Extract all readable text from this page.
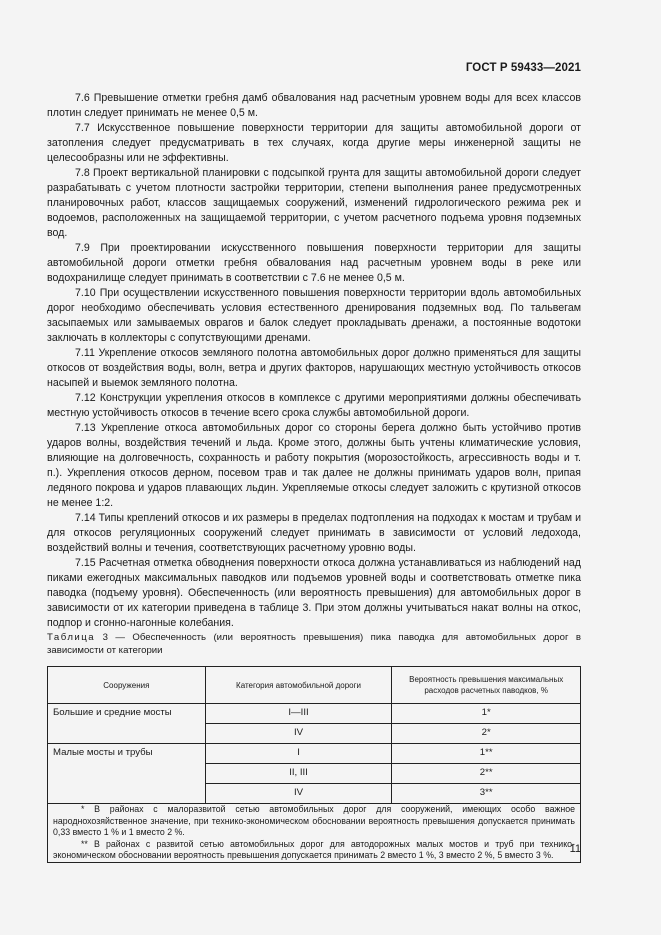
ГОСТ Р 59433—2021

7.6 Превышение отметки гребня дамб обвалования над расчетным уровнем воды для всех классов плотин следует принимать не менее 0,5 м.

7.7 Искусственное повышение поверхности территории для защиты автомобильной дороги от затопления следует предусматривать в тех случаях, когда другие меры инженерной защиты не целесообразны или не эффективны.

7.8 Проект вертикальной планировки с подсыпкой грунта для защиты автомобильной дороги следует разрабатывать с учетом плотности застройки территории, степени выполнения ранее предусмотренных планировочных работ, классов защищаемых сооружений, изменений гидрологического режима рек и водоемов, расположенных на защищаемой территории, с учетом расчетного подъема уровня подземных вод.

7.9 При проектировании искусственного повышения поверхности территории для защиты автомобильной дороги отметки гребня обвалования над расчетным уровнем воды в реке или водохранилище следует принимать в соответствии с 7.6 не менее 0,5 м.

7.10 При осуществлении искусственного повышения поверхности территории вдоль автомобильных дорог необходимо обеспечивать условия естественного дренирования подземных вод. По тальвегам засыпаемых или замываемых оврагов и балок следует прокладывать дренажи, а постоянные водотоки заключать в коллекторы с сопутствующими дренами.

7.11 Укрепление откосов земляного полотна автомобильных дорог должно применяться для защиты откосов от воздействия воды, волн, ветра и других факторов, нарушающих местную устойчивость откосов насыпей и выемок земляного полотна.

7.12 Конструкции укрепления откосов в комплексе с другими мероприятиями должны обеспечивать местную устойчивость откосов в течение всего срока службы автомобильной дороги.

7.13 Укрепление откоса автомобильных дорог со стороны берега должно быть устойчиво против ударов волны, воздействия течений и льда. Кроме этого, должны быть учтены климатические условия, влияющие на долговечность, сохранность и работу покрытия (морозостойкость, агрессивность воды и т. п.). Укрепления откосов дерном, посевом трав и так далее не должны принимать ударов волн, припая ледяного покрова и ударов плавающих льдин. Укрепляемые откосы следует заложить с крутизной откосов не менее 1:2.

7.14 Типы креплений откосов и их размеры в пределах подтопления на подходах к мостам и трубам и для откосов регуляционных сооружений следует принимать в зависимости от условий ледохода, воздействий волны и течения, соответствующих расчетному уровню воды.

7.15 Расчетная отметка обводнения поверхности откоса должна устанавливаться из наблюдений над пиками ежегодных максимальных паводков или подъемов уровней воды и соответствовать отметке пика паводка (подъему уровня). Обеспеченность (или вероятность превышения) для автомобильных дорог в зависимости от их категории приведена в таблице 3. При этом должны учитываться накат волны на откос, подпор и сгонно-нагонные колебания.

Таблица 3 — Обеспеченность (или вероятность превышения) пика паводка для автомобильных дорог в зависимости от категории
Сооружения	Категория автомобильной дороги	Вероятность превышения максимальных расходов расчетных паводков, %
Большие и средние мосты	I—III	1*
	IV	2*
Малые мосты и трубы	I	1**
	II, III	2**
	IV	3**

* В районах с малоразвитой сетью автомобильных дорог для сооружений, имеющих особо важное народнохозяйственное значение, при технико-экономическом обосновании вероятность превышения допускается принимать 0,33 вместо 1 % и 1 вместо 2 %.

** В районах с развитой сетью автомобильных дорог для автодорожных малых мостов и труб при технико-экономическом обосновании вероятность превышения допускается принимать 2 вместо 1 %, 3 вместо 2 %, 5 вместо 3 %.			11
